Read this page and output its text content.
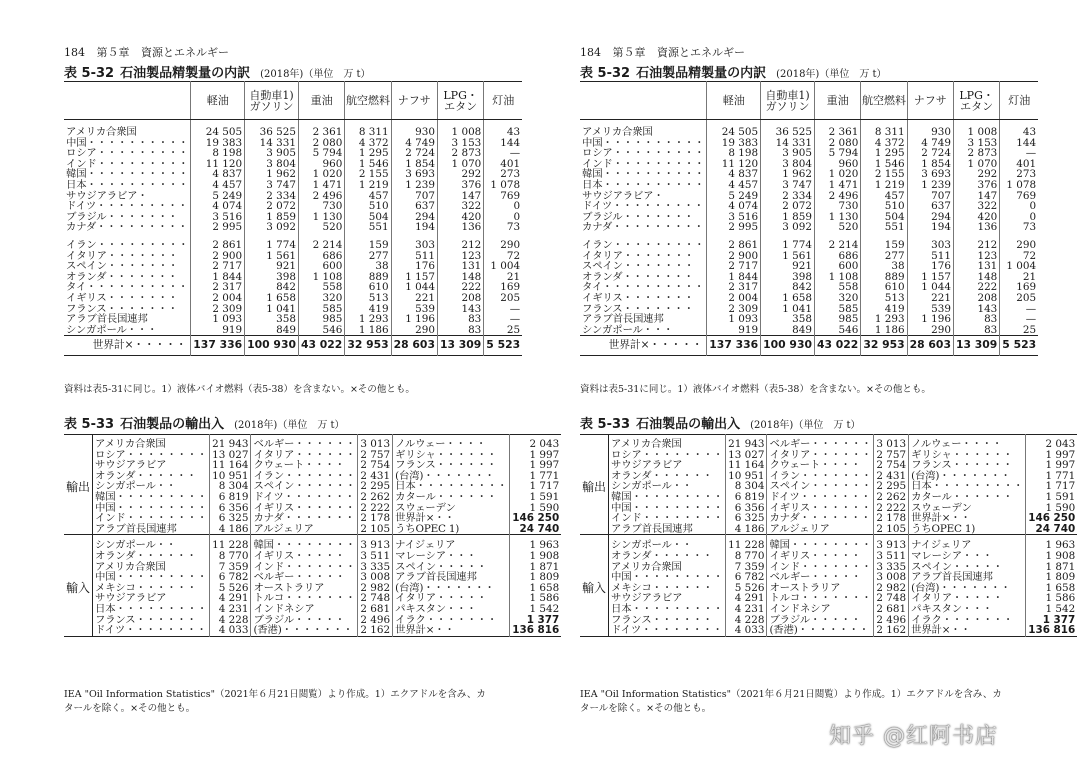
184 第５章 資源とエネルギー
表 5-32 石油製品精製量の内訳 (2018年)（単位　万 t）
	軽油	自動車1)ガソリン	重油	航空燃料	ナフサ	LPG・エタン	灯油
アメリカ合衆国	24 505	36 525	2 361	8 311	930	1 008	43
中国・・・・・・・・・・	19 383	14 331	2 080	4 372	4 749	3 153	144
ロシア・・・・・・・・・	8 198	3 905	5 794	1 295	2 724	2 873	—
インド・・・・・・・・・	11 120	3 804	960	1 546	1 854	1 070	401
韓国・・・・・・・・・・	4 837	1 962	1 020	2 155	3 693	292	273
日本・・・・・・・・・・	4 457	3 747	1 471	1 219	1 239	376	1 078
サウジアラビア・	5 249	2 334	2 496	457	707	147	769
ドイツ・・・・・・・・・	4 074	2 072	730	510	637	322	0
ブラジル・・・・・・・	3 516	1 859	1 130	504	294	420	0
カナダ・・・・・・・・・	2 995	3 092	520	551	194	136	73
イラン・・・・・・・・・	2 861	1 774	2 214	159	303	212	290
イタリア・・・・・・・	2 900	1 561	686	277	511	123	72
スペイン・・・・・・・	2 717	921	600	38	176	131	1 004
オランダ・・・・・・・	1 844	398	1 108	889	1 157	148	21
タイ・・・・・・・・・・	2 317	842	558	610	1 044	222	169
イギリス・・・・・・・	2 004	1 658	320	513	221	208	205
フランス・・・・・・・	2 309	1 041	585	419	539	143	—
アラブ首長国連邦	1 093	358	985	1 293	1 196	83	—
シンガポール・・・	919	849	546	1 186	290	83	25
世界計×・・・・・	137 336	100 930	43 022	32 953	28 603	13 309	5 523
資料は表5-31に同じ。1）液体バイオ燃料（表5-38）を含まない。×その他とも。
表 5-33 石油製品の輸出入 (2018年)（単位　万 t）
輸出	アメリカ合衆国	21 943	ベルギー・・・・・・	3 013	ノルウェー・・・・	2 043
	ロシア・・・・・・・・	13 027	イタリア・・・・・・	2 757	ギリシャ・・・・・・	1 997
	サウジアラビア	11 164	クウェート・・・・	2 754	フランス・・・・・・	1 997
	オランダ・・・・・・	10 951	イラン・・・・・・・	2 431	(台湾)・・・・・・・	1 771
	シンガポール・・	8 304	スペイン・・・・・・	2 295	日本・・・・・・・・・	1 717
	韓国・・・・・・・・・	6 819	ドイツ・・・・・・・	2 262	カタール・・・・・・	1 591
	中国・・・・・・・・・	6 356	イギリス・・・・・・	2 222	スウェーデン	1 590
	インド・・・・・・・・	6 325	カナダ・・・・・・・	2 178	世界計×・・	146 250
	アラブ首長国連邦	4 186	アルジェリア	2 105	うちOPEC 1)	24 740
輸入	シンガポール・・	11 228	韓国・・・・・・・・	3 913	ナイジェリア	1 963
	オランダ・・・・・・	8 770	イギリス・・・・・	3 511	マレーシア・・・	1 908
	アメリカ合衆国	7 359	インド・・・・・・・	3 335	スペイン・・・・・	1 871
	中国・・・・・・・・・	6 782	ベルギー・・・・・	3 008	アラブ首長国連邦	1 809
	メキシコ・・・・・・	5 526	オーストラリア	2 982	(台湾)・・・・・・・	1 658
	サウジアラビア	4 291	トルコ・・・・・・・	2 748	イタリア・・・・・	1 586
	日本・・・・・・・・・	4 231	インドネシア	2 681	パキスタン・・・	1 542
	フランス・・・・・・	4 228	ブラジル・・・・・	2 496	イラク・・・・・・・	1 377
	ドイツ・・・・・・・・	4 033	(香港)・・・・・・・	2 162	世界計×・・	136 816
IEA "Oil Information Statistics"（2021年６月21日閲覧）より作成。1）エクアドルを含み、カタールを除く。×その他とも。
184 第５章 資源とエネルギー
表 5-32 石油製品精製量の内訳 (2018年)（単位　万 t）
	軽油	自動車1)ガソリン	重油	航空燃料	ナフサ	LPG・エタン	灯油
アメリカ合衆国	24 505	36 525	2 361	8 311	930	1 008	43
中国・・・・・・・・・・	19 383	14 331	2 080	4 372	4 749	3 153	144
ロシア・・・・・・・・・	8 198	3 905	5 794	1 295	2 724	2 873	—
インド・・・・・・・・・	11 120	3 804	960	1 546	1 854	1 070	401
韓国・・・・・・・・・・	4 837	1 962	1 020	2 155	3 693	292	273
日本・・・・・・・・・・	4 457	3 747	1 471	1 219	1 239	376	1 078
サウジアラビア・	5 249	2 334	2 496	457	707	147	769
ドイツ・・・・・・・・・	4 074	2 072	730	510	637	322	0
ブラジル・・・・・・・	3 516	1 859	1 130	504	294	420	0
カナダ・・・・・・・・・	2 995	3 092	520	551	194	136	73
イラン・・・・・・・・・	2 861	1 774	2 214	159	303	212	290
イタリア・・・・・・・	2 900	1 561	686	277	511	123	72
スペイン・・・・・・・	2 717	921	600	38	176	131	1 004
オランダ・・・・・・・	1 844	398	1 108	889	1 157	148	21
タイ・・・・・・・・・・	2 317	842	558	610	1 044	222	169
イギリス・・・・・・・	2 004	1 658	320	513	221	208	205
フランス・・・・・・・	2 309	1 041	585	419	539	143	—
アラブ首長国連邦	1 093	358	985	1 293	1 196	83	—
シンガポール・・・	919	849	546	1 186	290	83	25
世界計×・・・・・	137 336	100 930	43 022	32 953	28 603	13 309	5 523
資料は表5-31に同じ。1）液体バイオ燃料（表5-38）を含まない。×その他とも。
表 5-33 石油製品の輸出入 (2018年)（単位　万 t）
輸出	アメリカ合衆国	21 943	ベルギー・・・・・・	3 013	ノルウェー・・・・	2 043
	ロシア・・・・・・・・	13 027	イタリア・・・・・・	2 757	ギリシャ・・・・・・	1 997
	サウジアラビア	11 164	クウェート・・・・	2 754	フランス・・・・・・	1 997
	オランダ・・・・・・	10 951	イラン・・・・・・・	2 431	(台湾)・・・・・・・	1 771
	シンガポール・・	8 304	スペイン・・・・・・	2 295	日本・・・・・・・・・	1 717
	韓国・・・・・・・・・	6 819	ドイツ・・・・・・・	2 262	カタール・・・・・・	1 591
	中国・・・・・・・・・	6 356	イギリス・・・・・・	2 222	スウェーデン	1 590
	インド・・・・・・・・	6 325	カナダ・・・・・・・	2 178	世界計×・・	146 250
	アラブ首長国連邦	4 186	アルジェリア	2 105	うちOPEC 1)	24 740
輸入	シンガポール・・	11 228	韓国・・・・・・・・	3 913	ナイジェリア	1 963
	オランダ・・・・・・	8 770	イギリス・・・・・	3 511	マレーシア・・・	1 908
	アメリカ合衆国	7 359	インド・・・・・・・	3 335	スペイン・・・・・	1 871
	中国・・・・・・・・・	6 782	ベルギー・・・・・	3 008	アラブ首長国連邦	1 809
	メキシコ・・・・・・	5 526	オーストラリア	2 982	(台湾)・・・・・・・	1 658
	サウジアラビア	4 291	トルコ・・・・・・・	2 748	イタリア・・・・・	1 586
	日本・・・・・・・・・	4 231	インドネシア	2 681	パキスタン・・・	1 542
	フランス・・・・・・	4 228	ブラジル・・・・・	2 496	イラク・・・・・・・	1 377
	ドイツ・・・・・・・・	4 033	(香港)・・・・・・・	2 162	世界計×・・	136 816
IEA "Oil Information Statistics"（2021年６月21日閲覧）より作成。1）エクアドルを含み、カタールを除く。×その他とも。
知乎 @红阿书店
